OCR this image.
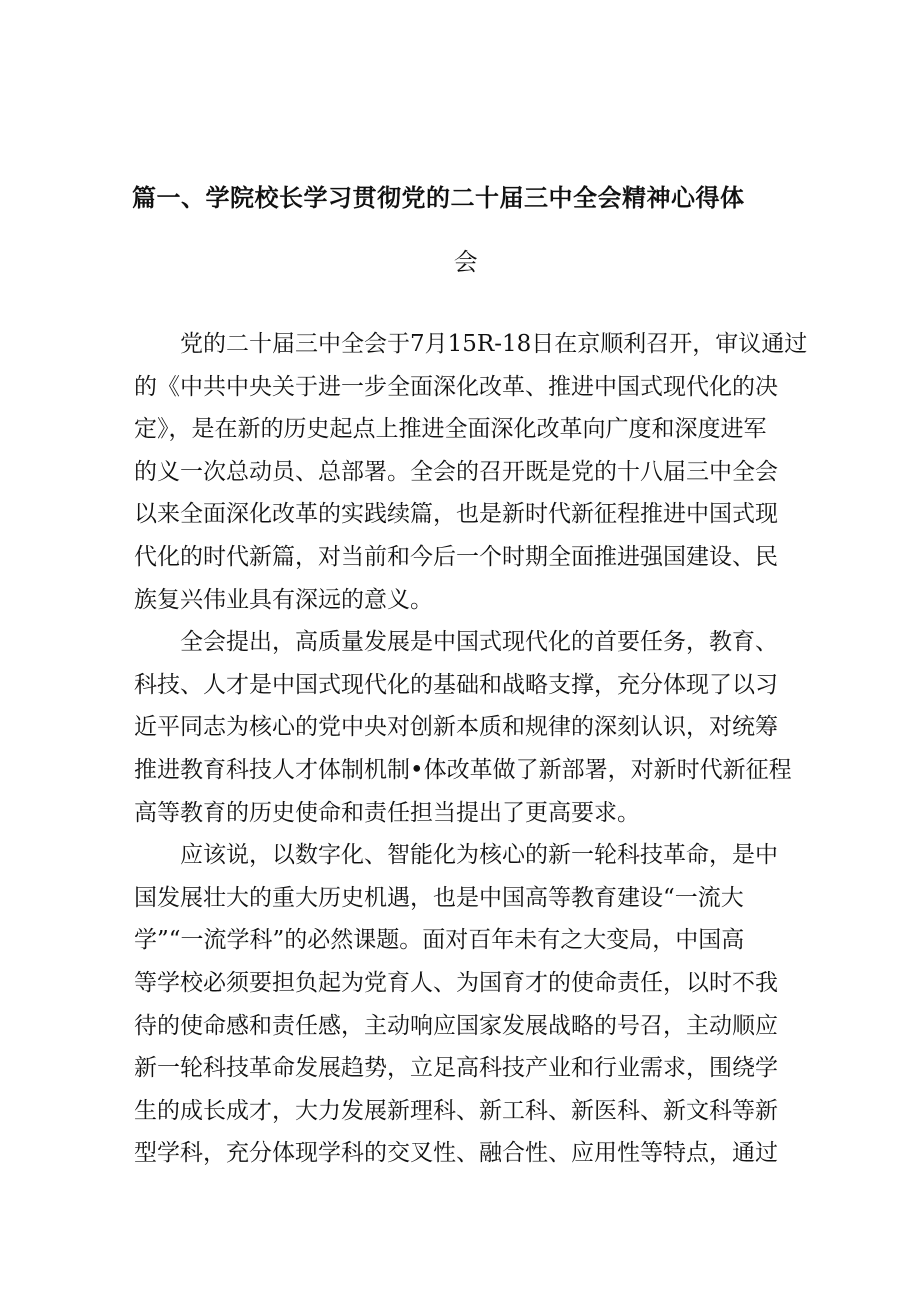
篇一、学院校长学习贯彻党的二十届三中全会精神心得体
会

党的二十届三中全会于7月15R-18日在京顺利召开，审议通过
的《中共中央关于进一步全面深化改革、推进中国式现代化的决
定》，是在新的历史起点上推进全面深化改革向广度和深度进军
的义一次总动员、总部署。全会的召开既是党的十八届三中全会
以来全面深化改革的实践续篇，也是新时代新征程推进中国式现
代化的时代新篇，对当前和今后一个时期全面推进强国建设、民
族复兴伟业具有深远的意义。

全会提出，高质量发展是中国式现代化的首要任务，教育、
科技、人才是中国式现代化的基础和战略支撑，充分体现了以习
近平同志为核心的党中央对创新本质和规律的深刻认识，对统筹
推进教育科技人才体制机制•体改革做了新部署，对新时代新征程
高等教育的历史使命和责任担当提出了更高要求。

应该说，以数字化、智能化为核心的新一轮科技革命，是中
国发展壮大的重大历史机遇，也是中国高等教育建设“一流大
学”“一流学科”的必然课题。面对百年未有之大变局，中国高
等学校必须要担负起为党育人、为国育才的使命责任，以时不我
待的使命感和责任感，主动响应国家发展战略的号召，主动顺应
新一轮科技革命发展趋势，立足高科技产业和行业需求，围绕学
生的成长成才，大力发展新理科、新工科、新医科、新文科等新
型学科，充分体现学科的交叉性、融合性、应用性等特点，通过
